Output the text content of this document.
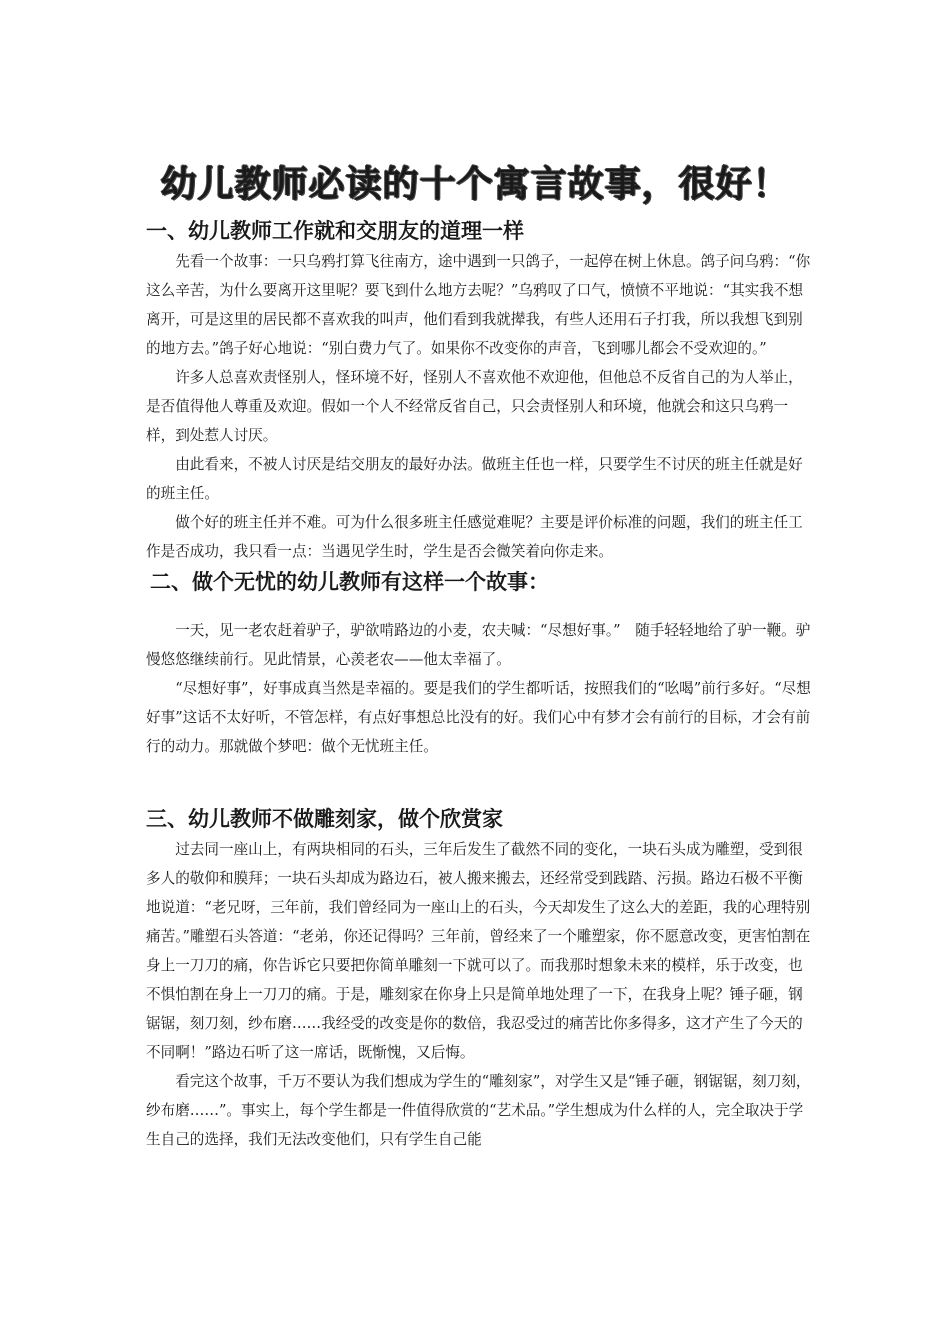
幼儿教师必读的十个寓言故事，很好！
一、幼儿教师工作就和交朋友的道理一样

先看一个故事：一只乌鸦打算飞往南方，途中遇到一只鸽子，一起停在树上休息。鸽子问乌鸦：“你这么辛苦，为什么要离开这里呢？要飞到什么地方去呢？”乌鸦叹了口气，愤愤不平地说：“其实我不想离开，可是这里的居民都不喜欢我的叫声，他们看到我就撵我，有些人还用石子打我，所以我想飞到别的地方去。”鸽子好心地说：“别白费力气了。如果你不改变你的声音，飞到哪儿都会不受欢迎的。”

许多人总喜欢责怪别人，怪环境不好，怪别人不喜欢他不欢迎他，但他总不反省自己的为人举止，是否值得他人尊重及欢迎。假如一个人不经常反省自己，只会责怪别人和环境，他就会和这只乌鸦一样，到处惹人讨厌。

由此看来，不被人讨厌是结交朋友的最好办法。做班主任也一样，只要学生不讨厌的班主任就是好的班主任。

做个好的班主任并不难。可为什么很多班主任感觉难呢？主要是评价标准的问题，我们的班主任工作是否成功，我只看一点：当遇见学生时，学生是否会微笑着向你走来。

二、做个无忧的幼儿教师有这样一个故事：

一天，见一老农赶着驴子，驴欲啃路边的小麦，农夫喊：“尽想好事。”　随手轻轻地给了驴一鞭。驴慢悠悠继续前行。见此情景，心羡老农——他太幸福了。

“尽想好事”，好事成真当然是幸福的。要是我们的学生都听话，按照我们的“吆喝”前行多好。“尽想好事”这话不太好听，不管怎样，有点好事想总比没有的好。我们心中有梦才会有前行的目标，才会有前行的动力。那就做个梦吧：做个无忧班主任。

三、幼儿教师不做雕刻家，做个欣赏家

过去同一座山上，有两块相同的石头，三年后发生了截然不同的变化，一块石头成为雕塑，受到很多人的敬仰和膜拜；一块石头却成为路边石，被人搬来搬去，还经常受到践踏、污损。路边石极不平衡地说道：“老兄呀，三年前，我们曾经同为一座山上的石头，今天却发生了这么大的差距，我的心理特别痛苦。”雕塑石头答道：“老弟，你还记得吗？三年前，曾经来了一个雕塑家，你不愿意改变，更害怕割在身上一刀刀的痛，你告诉它只要把你简单雕刻一下就可以了。而我那时想象未来的模样，乐于改变，也不惧怕割在身上一刀刀的痛。于是，雕刻家在你身上只是简单地处理了一下，在我身上呢？锤子砸，钢锯锯，刻刀刻，纱布磨……我经受的改变是你的数倍，我忍受过的痛苦比你多得多，这才产生了今天的不同啊！”路边石听了这一席话，既惭愧，又后悔。

看完这个故事，千万不要认为我们想成为学生的“雕刻家”，对学生又是“锤子砸，钢锯锯，刻刀刻，纱布磨……”。事实上，每个学生都是一件值得欣赏的“艺术品。”学生想成为什么样的人，完全取决于学生自己的选择，我们无法改变他们，只有学生自己能
